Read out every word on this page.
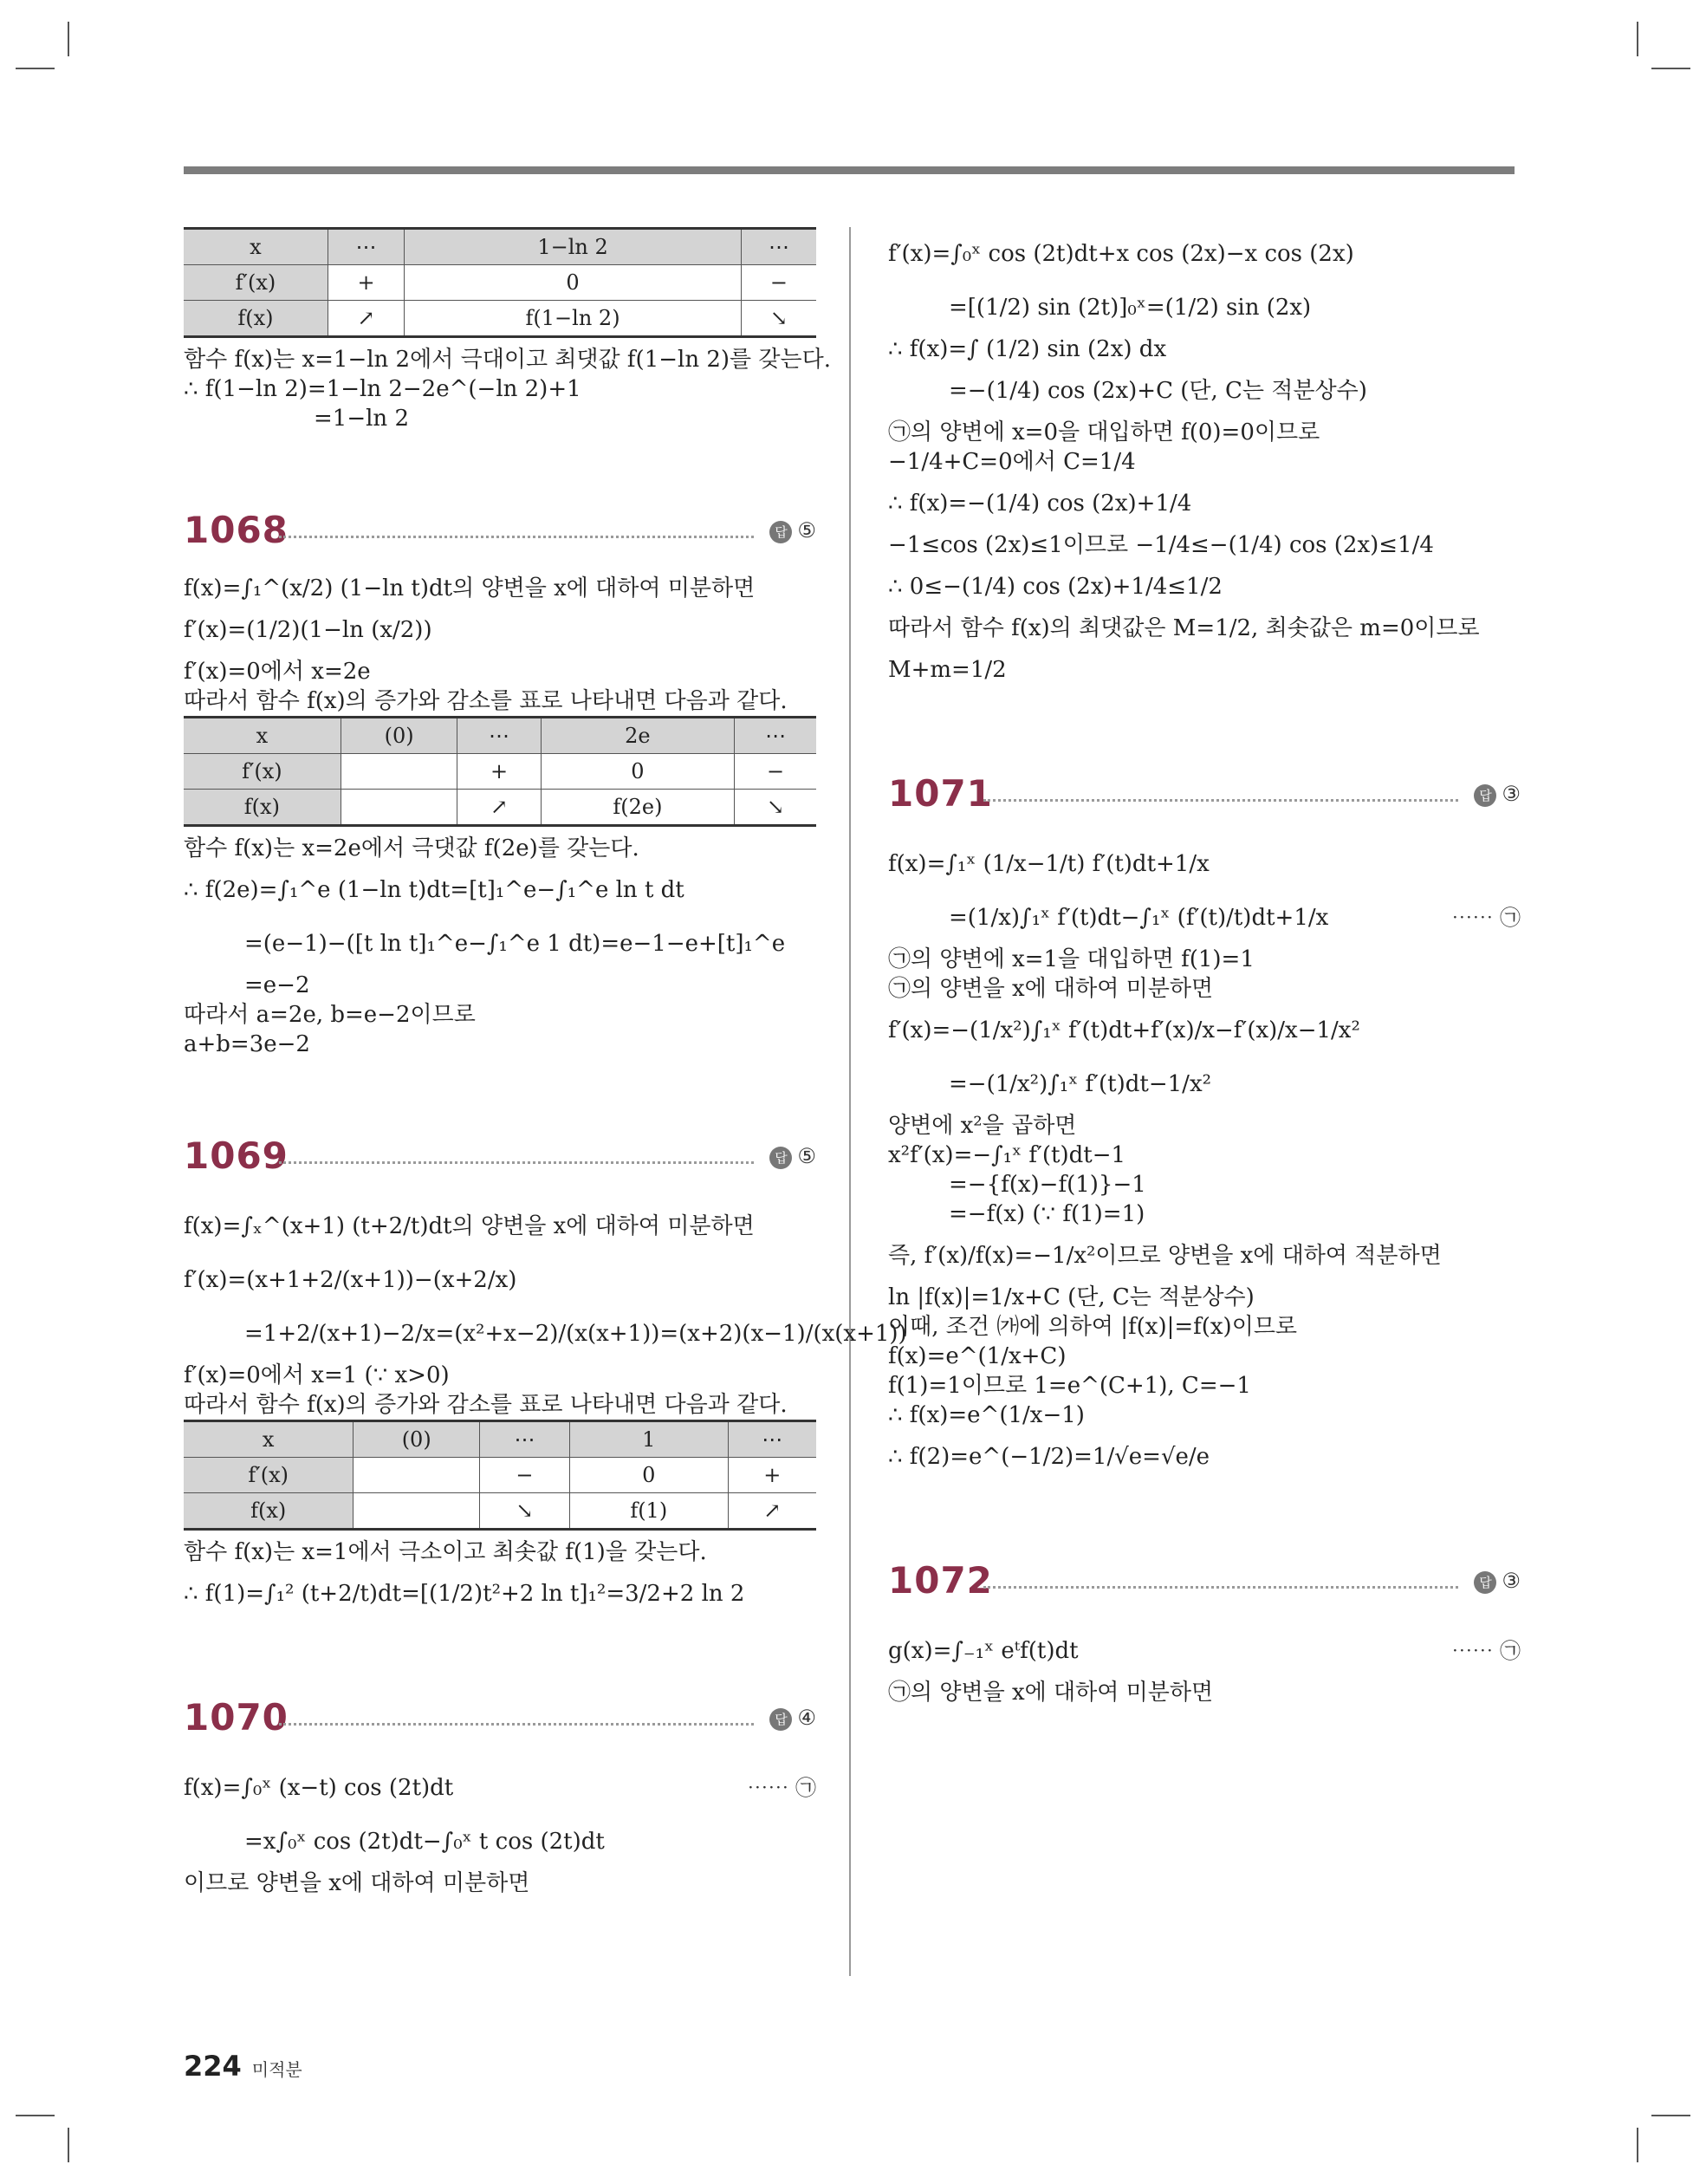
x	⋯	1−ln 2	⋯
f′(x)	+	0	−
f(x)	↗	f(1−ln 2)	↘
함수 f(x)는 x=1−ln 2에서 극대이고 최댓값 f(1−ln 2)를 갖는다.
∴ f(1−ln 2)=1−ln 2−2e^(−ln 2)+1
=1−ln 2
1068	답 ⑤
f(x)=∫₁^(x/2) (1−ln t)dt의 양변을 x에 대하여 미분하면
f′(x)=(1/2)(1−ln (x/2))
f′(x)=0에서 x=2e
따라서 함수 f(x)의 증가와 감소를 표로 나타내면 다음과 같다.
x	(0)	⋯	2e	⋯
f′(x)		+	0	−
f(x)		↗	f(2e)	↘
함수 f(x)는 x=2e에서 극댓값 f(2e)를 갖는다.
∴ f(2e)=∫₁^e (1−ln t)dt=[t]₁^e−∫₁^e ln t dt
=(e−1)−([t ln t]₁^e−∫₁^e 1 dt)=e−1−e+[t]₁^e
=e−2
따라서 a=2e, b=e−2이므로
a+b=3e−2
1069	답 ⑤
f(x)=∫ₓ^(x+1) (t+2/t)dt의 양변을 x에 대하여 미분하면
f′(x)=(x+1+2/(x+1))−(x+2/x)
=1+2/(x+1)−2/x=(x²+x−2)/(x(x+1))=(x+2)(x−1)/(x(x+1))
f′(x)=0에서 x=1 (∵ x>0)
따라서 함수 f(x)의 증가와 감소를 표로 나타내면 다음과 같다.
x	(0)	⋯	1	⋯
f′(x)		−	0	+
f(x)		↘	f(1)	↗
함수 f(x)는 x=1에서 극소이고 최솟값 f(1)을 갖는다.
∴ f(1)=∫₁² (t+2/t)dt=[(1/2)t²+2 ln t]₁²=3/2+2 ln 2
1070	답 ④
f(x)=∫₀ˣ (x−t) cos (2t)dt	⋯⋯ ㉠
=x∫₀ˣ cos (2t)dt−∫₀ˣ t cos (2t)dt
이므로 양변을 x에 대하여 미분하면
f′(x)=∫₀ˣ cos (2t)dt+x cos (2x)−x cos (2x)
=[(1/2) sin (2t)]₀ˣ=(1/2) sin (2x)
∴ f(x)=∫ (1/2) sin (2x) dx
=−(1/4) cos (2x)+C (단, C는 적분상수)
㉠의 양변에 x=0을 대입하면 f(0)=0이므로
−1/4+C=0에서 C=1/4
∴ f(x)=−(1/4) cos (2x)+1/4
−1≤cos (2x)≤1이므로 −1/4≤−(1/4) cos (2x)≤1/4
∴ 0≤−(1/4) cos (2x)+1/4≤1/2
따라서 함수 f(x)의 최댓값은 M=1/2, 최솟값은 m=0이므로
M+m=1/2
1071	답 ③
f(x)=∫₁ˣ (1/x−1/t) f′(t)dt+1/x
=(1/x)∫₁ˣ f′(t)dt−∫₁ˣ (f′(t)/t)dt+1/x	⋯⋯ ㉠
㉠의 양변에 x=1을 대입하면 f(1)=1
㉠의 양변을 x에 대하여 미분하면
f′(x)=−(1/x²)∫₁ˣ f′(t)dt+f′(x)/x−f′(x)/x−1/x²
=−(1/x²)∫₁ˣ f′(t)dt−1/x²
양변에 x²을 곱하면
x²f′(x)=−∫₁ˣ f′(t)dt−1
=−{f(x)−f(1)}−1
=−f(x) (∵ f(1)=1)
즉, f′(x)/f(x)=−1/x²이므로 양변을 x에 대하여 적분하면
ln |f(x)|=1/x+C (단, C는 적분상수)
이때, 조건 ㈎에 의하여 |f(x)|=f(x)이므로
f(x)=e^(1/x+C)
f(1)=1이므로 1=e^(C+1), C=−1
∴ f(x)=e^(1/x−1)
∴ f(2)=e^(−1/2)=1/√e=√e/e
1072	답 ③
g(x)=∫₋₁ˣ eᵗf(t)dt	⋯⋯ ㉠
㉠의 양변을 x에 대하여 미분하면
224 미적분
